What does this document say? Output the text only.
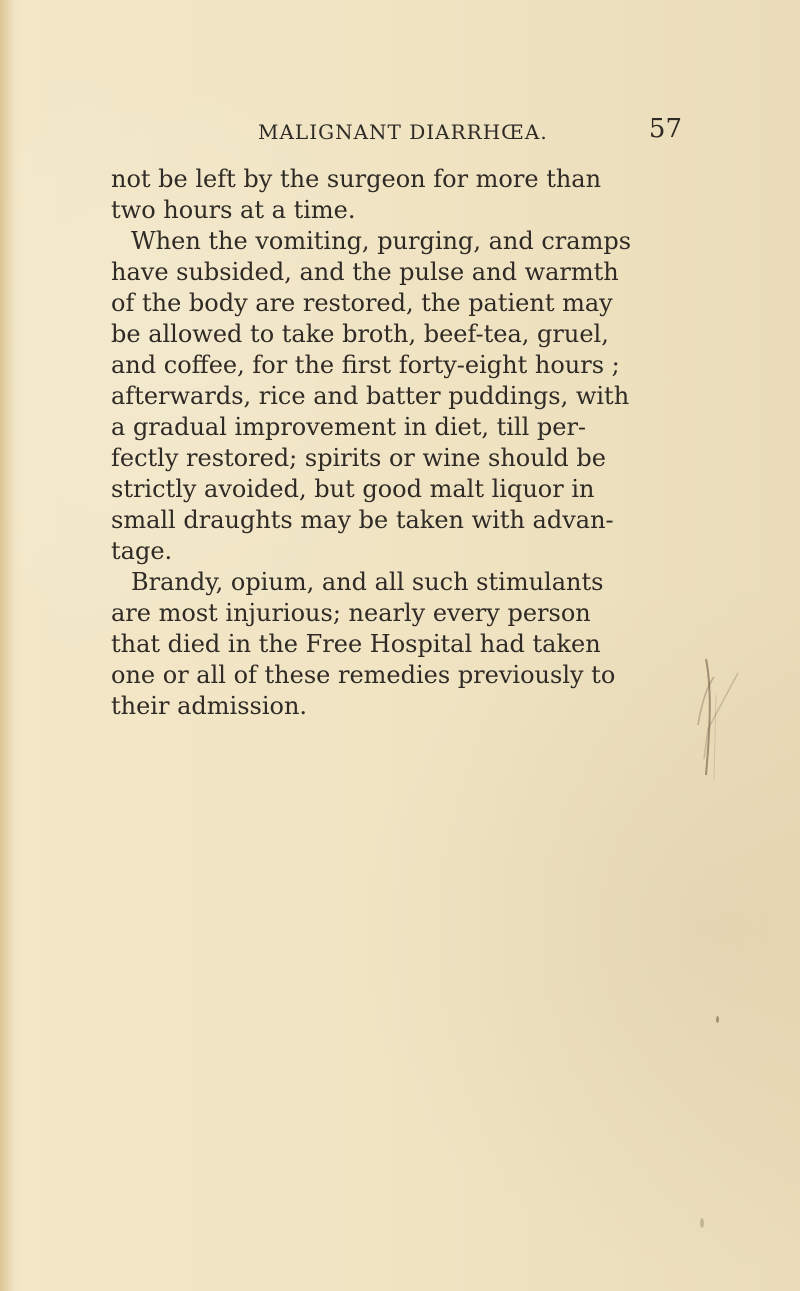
MALIGNANT DIARRHŒA.	57
not be left by the surgeon for more than
two hours at a time.
When the vomiting, purging, and cramps
have subsided, and the pulse and warmth
of the body are restored, the patient may
be allowed to take broth, beef-tea, gruel,
and coffee, for the first forty-eight hours ;
afterwards, rice and batter puddings, with
a gradual improvement in diet, till per-
fectly restored; spirits or wine should be
strictly avoided, but good malt liquor in
small draughts may be taken with advan-
tage.
Brandy, opium, and all such stimulants
are most injurious; nearly every person
that died in the Free Hospital had taken
one or all of these remedies previously to
their admission.
